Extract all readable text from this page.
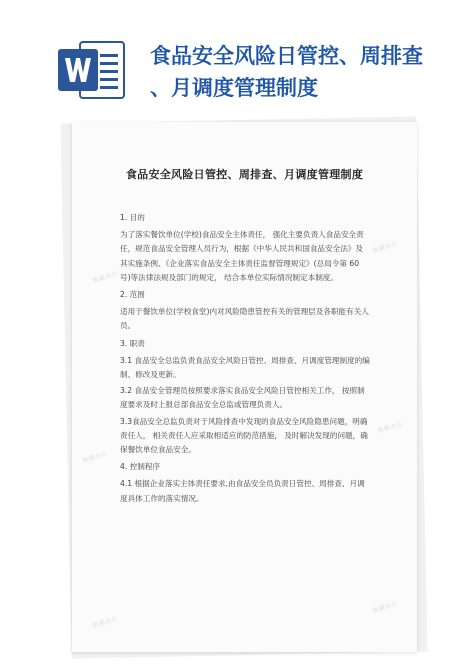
食品安全风险日管控、周排查
、月调度管理制度
食品安全风险日管控、周排查、月调度管理制度

1. 目的

为了落实餐饮单位(学校)食品安全主体责任， 强化主要负责人食品安全责任，规范食品安全管理人员行为，根据《中华人民共和国食品安全法》及其实施条例、《企业落实食品安全主体责任监督管理规定》(总局令第 60 号)等法律法规及部门的规定， 结合本单位实际情况制定本制度。

2. 范围

适用于餐饮单位(学校食堂)内对风险隐患管控有关的管理层及各职能有关人员。

3. 职责

3.1 食品安全总监负责食品安全风险日管控、周排查、月调度管理制度的编制、修改及更新。

3.2 食品安全管理员按照要求落实食品安全风险日管控相关工作， 按照制度要求及时上报总部食品安全总监或管理负责人。

3.3食品安全总监负责对于风险排查中发现的食品安全风险隐患问题，明确责任人， 相关责任人应采取相适应的防范措施， 及时解决发现的问题，确保餐饮单位食品安全。

4. 控制程序

4.1 根据企业落实主体责任要求,由食品安全员负责日管控、周排查、月调度具体工作的落实情况。

熊猫办公
熊猫办公
熊猫办公
熊猫办公
熊猫办公
熊猫办公
